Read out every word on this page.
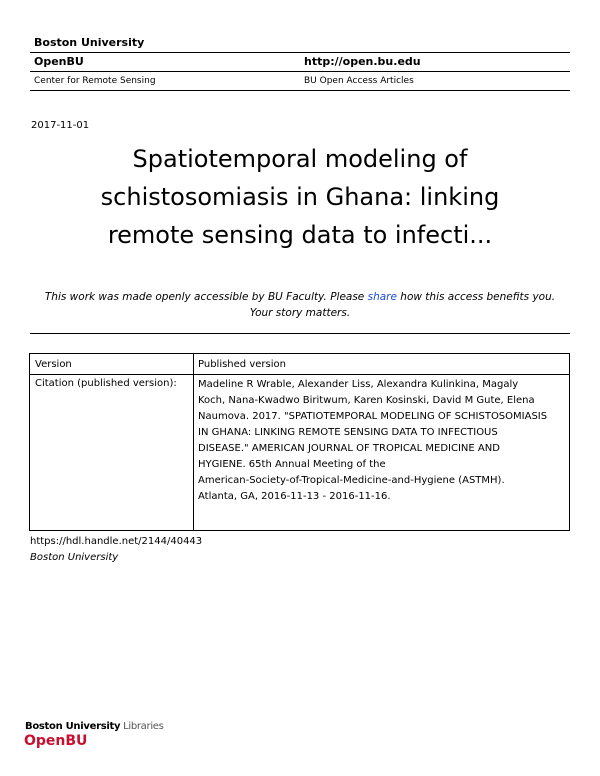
Boston University
OpenBU	http://open.bu.edu
Center for Remote Sensing	BU Open Access Articles
2017-11-01
Spatiotemporal modeling of
schistosomiasis in Ghana: linking
remote sensing data to infecti...
This work was made openly accessible by BU Faculty. Please share how this access benefits you.
Your story matters.
Version	Published version
Citation (published version): Madeline R Wrable, Alexander Liss, Alexandra Kulinkina, Magaly
Koch, Nana-Kwadwo Biritwum, Karen Kosinski, David M Gute, Elena
Naumova. 2017. "SPATIOTEMPORAL MODELING OF SCHISTOSOMIASIS
IN GHANA: LINKING REMOTE SENSING DATA TO INFECTIOUS
DISEASE." AMERICAN JOURNAL OF TROPICAL MEDICINE AND
HYGIENE. 65th Annual Meeting of the
American-Society-of-Tropical-Medicine-and-Hygiene (ASTMH).
Atlanta, GA, 2016-11-13 - 2016-11-16.
https://hdl.handle.net/2144/40443
Boston University
Boston University Libraries
OpenBU
